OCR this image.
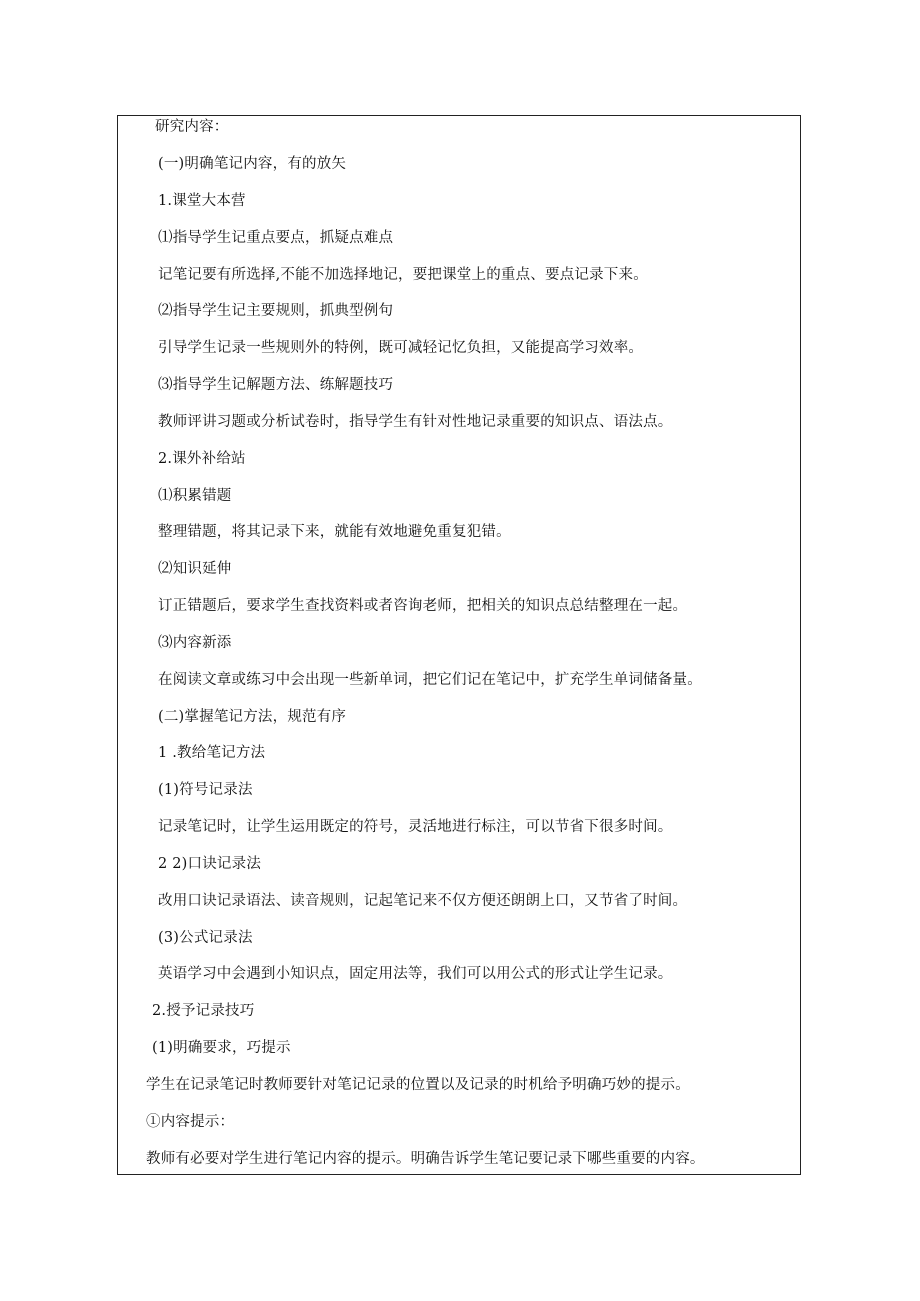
研究内容：
(一)明确笔记内容，有的放矢
1.课堂大本营
⑴指导学生记重点要点，抓疑点难点
记笔记要有所选择,不能不加选择地记，要把课堂上的重点、要点记录下来。
⑵指导学生记主要规则，抓典型例句
引导学生记录一些规则外的特例，既可减轻记忆负担，又能提高学习效率。
⑶指导学生记解题方法、练解题技巧
教师评讲习题或分析试卷时，指导学生有针对性地记录重要的知识点、语法点。
2.课外补给站
⑴积累错题
整理错题，将其记录下来，就能有效地避免重复犯错。
⑵知识延伸
订正错题后，要求学生查找资料或者咨询老师，把相关的知识点总结整理在一起。
⑶内容新添
在阅读文章或练习中会出现一些新单词，把它们记在笔记中，扩充学生单词储备量。
(二)掌握笔记方法，规范有序
1 .教给笔记方法
(1)符号记录法
记录笔记时，让学生运用既定的符号，灵活地进行标注，可以节省下很多时间。
2 2)口诀记录法
改用口诀记录语法、读音规则，记起笔记来不仅方便还朗朗上口，又节省了时间。
(3)公式记录法
英语学习中会遇到小知识点，固定用法等，我们可以用公式的形式让学生记录。
2.授予记录技巧
(1)明确要求，巧提示
学生在记录笔记时教师要针对笔记记录的位置以及记录的时机给予明确巧妙的提示。
①内容提示：
教师有必要对学生进行笔记内容的提示。明确告诉学生笔记要记录下哪些重要的内容。
